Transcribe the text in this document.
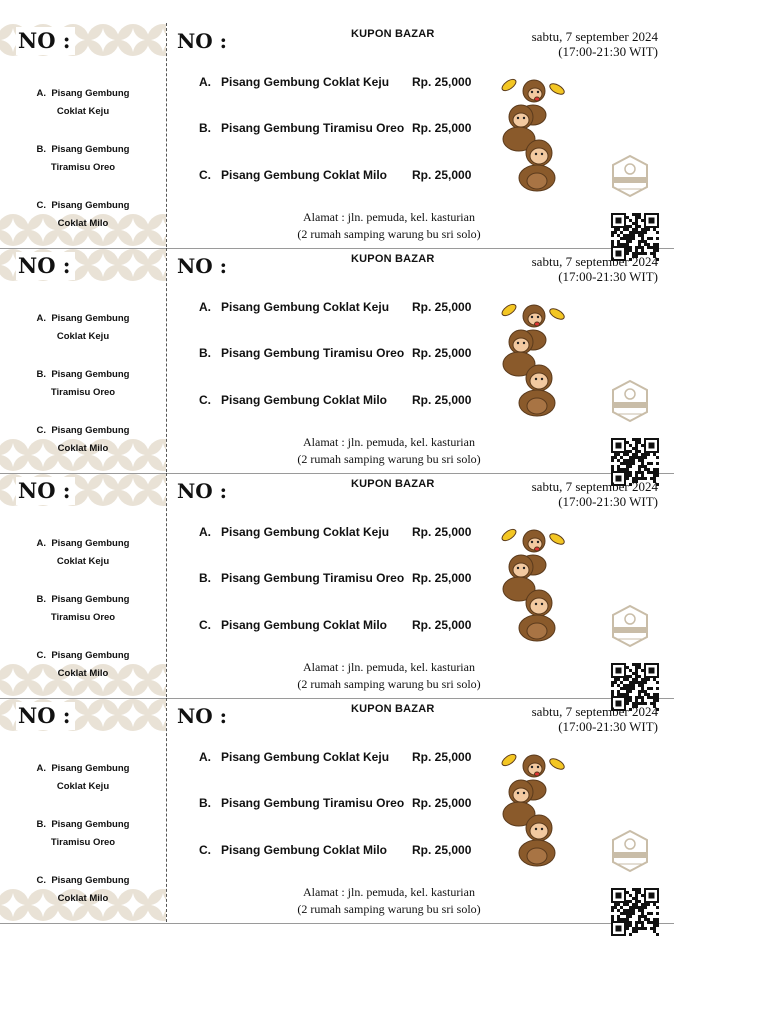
NO :
A. Pisang Gembung
Coklat Keju
B. Pisang Gembung
Tiramisu Oreo
C. Pisang Gembung
Coklat Milo
NO :	KUPON BAZAR	sabtu, 7 september 2024
(17:00-21:30 WIT)
A. Pisang Gembung Coklat Keju Rp. 25,000
B. Pisang Gembung Tiramisu Oreo Rp. 25,000
C. Pisang Gembung Coklat Milo Rp. 25,000
Alamat : jln. pemuda, kel. kasturian
(2 rumah samping warung bu sri solo)
NO :
A. Pisang Gembung
Coklat Keju
B. Pisang Gembung
Tiramisu Oreo
C. Pisang Gembung
Coklat Milo
NO :	KUPON BAZAR	sabtu, 7 september 2024
(17:00-21:30 WIT)
A. Pisang Gembung Coklat Keju Rp. 25,000
B. Pisang Gembung Tiramisu Oreo Rp. 25,000
C. Pisang Gembung Coklat Milo Rp. 25,000
Alamat : jln. pemuda, kel. kasturian
(2 rumah samping warung bu sri solo)
NO :
A. Pisang Gembung
Coklat Keju
B. Pisang Gembung
Tiramisu Oreo
C. Pisang Gembung
Coklat Milo
NO :	KUPON BAZAR	sabtu, 7 september 2024
(17:00-21:30 WIT)
A. Pisang Gembung Coklat Keju Rp. 25,000
B. Pisang Gembung Tiramisu Oreo Rp. 25,000
C. Pisang Gembung Coklat Milo Rp. 25,000
Alamat : jln. pemuda, kel. kasturian
(2 rumah samping warung bu sri solo)
NO :
A. Pisang Gembung
Coklat Keju
B. Pisang Gembung
Tiramisu Oreo
C. Pisang Gembung
Coklat Milo
NO :	KUPON BAZAR	sabtu, 7 september 2024
(17:00-21:30 WIT)
A. Pisang Gembung Coklat Keju Rp. 25,000
B. Pisang Gembung Tiramisu Oreo Rp. 25,000
C. Pisang Gembung Coklat Milo Rp. 25,000
Alamat : jln. pemuda, kel. kasturian
(2 rumah samping warung bu sri solo)
